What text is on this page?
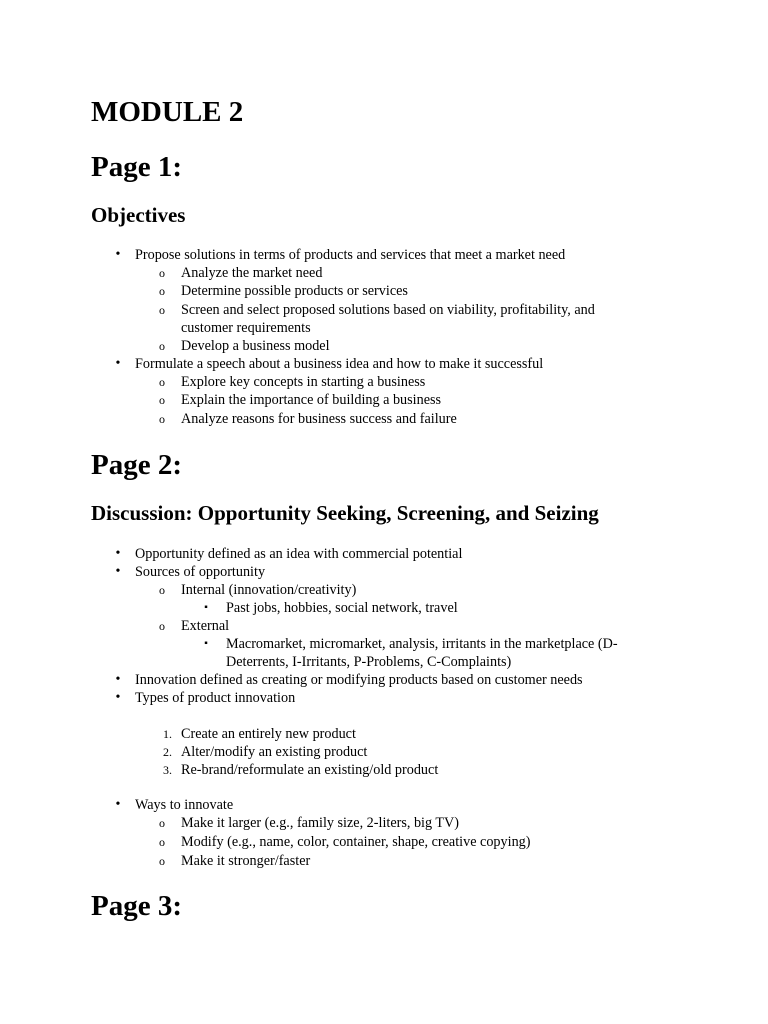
MODULE 2
Page 1:
Objectives
•	Propose solutions in terms of products and services that meet a market need
o	Analyze the market need
o	Determine possible products or services
o	Screen and select proposed solutions based on viability, profitability, and
customer requirements
o	Develop a business model
•	Formulate a speech about a business idea and how to make it successful
o	Explore key concepts in starting a business
o	Explain the importance of building a business
o	Analyze reasons for business success and failure
Page 2:
Discussion: Opportunity Seeking, Screening, and Seizing
•	Opportunity defined as an idea with commercial potential
•	Sources of opportunity
o	Internal (innovation/creativity)
▪	Past jobs, hobbies, social network, travel
o	External
▪	Macromarket, micromarket, analysis, irritants in the marketplace (D-
Deterrents, I-Irritants, P-Problems, C-Complaints)
•	Innovation defined as creating or modifying products based on customer needs
•	Types of product innovation
1. Create an entirely new product
2. Alter/modify an existing product
3. Re-brand/reformulate an existing/old product
•	Ways to innovate
o	Make it larger (e.g., family size, 2-liters, big TV)
o	Modify (e.g., name, color, container, shape, creative copying)
o	Make it stronger/faster
Page 3:
